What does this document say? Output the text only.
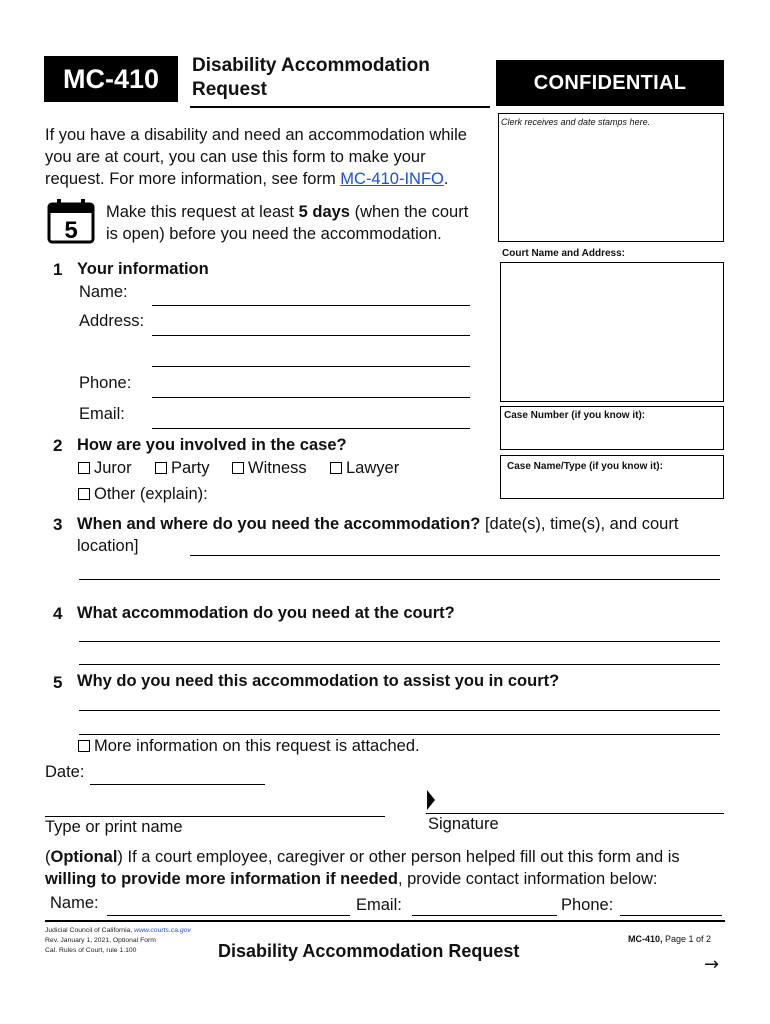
MC-410 Disability Accommodation
Request	CONFIDENTIAL
Clerk receives and date stamps here.
Court Name and Address:
Case Number (if you know it):
Case Name/Type (if you know it):
If you have a disability and need an accommodation while
you are at court, you can use this form to make your
request. For more information, see form MC-410-INFO.
5
Make this request at least 5 days (when the court
is open) before you need the accommodation.
1 Your information
Name:
Address:
Phone:
Email:
2 How are you involved in the case?
Juror	Party	Witness	Lawyer
Other (explain):
3 When and where do you need the accommodation? [date(s), time(s), and court
location]
4 What accommodation do you need at the court?
5 Why do you need this accommodation to assist you in court?
More information on this request is attached.
Date:
Type or print name	Signature
(Optional) If a court employee, caregiver or other person helped fill out this form and is
willing to provide more information if needed, provide contact information below:
Name:	Email:	Phone:
Judicial Council of California, www.courts.ca.gov
Rev. January 1, 2021, Optional Form
Cal. Rules of Court, rule 1.100	Disability Accommodation Request
MC-410, Page 1 of 2
→
